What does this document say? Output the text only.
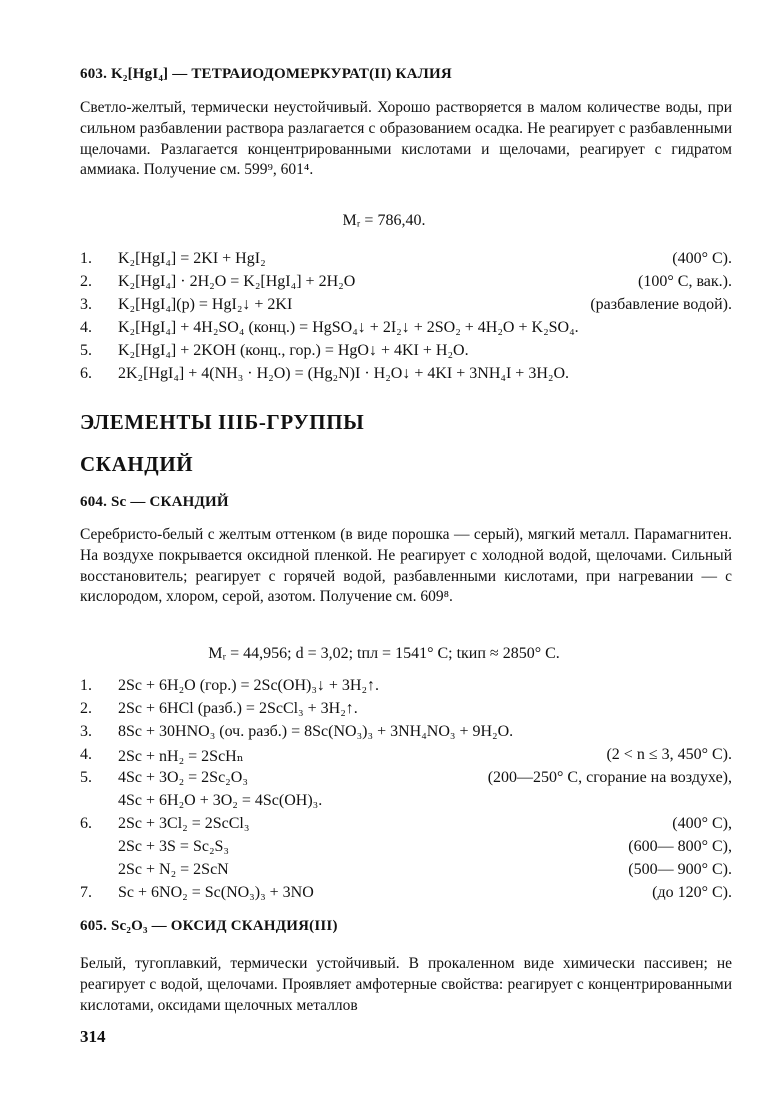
603. K₂[HgI₄] — ТЕТРАИОДОМЕРКУРАТ(II) КАЛИЯ
Светло-желтый, термически неустойчивый. Хорошо растворяется в малом количестве воды, при сильном разбавлении раствора разлагается с образованием осадка. Не реагирует с разбавленными щелочами. Разлагается концентрированными кислотами и щелочами, реагирует с гидратом аммиака. Получение см. 599⁹, 601⁴.
Mᵣ = 786,40.
1. K₂[HgI₄] = 2KI + HgI₂	(400° C).
2. K₂[HgI₄] · 2H₂O = K₂[HgI₄] + 2H₂O	(100° C, вак.).
3. K₂[HgI₄](р) = HgI₂↓ + 2KI	(разбавление водой).
4. K₂[HgI₄] + 4H₂SO₄ (конц.) = HgSO₄↓ + 2I₂↓ + 2SO₂ + 4H₂O + K₂SO₄.
5. K₂[HgI₄] + 2KOH (конц., гор.) = HgO↓ + 4KI + H₂O.
6. 2K₂[HgI₄] + 4(NH₃ · H₂O) = (Hg₂N)I · H₂O↓ + 4KI + 3NH₄I + 3H₂O.
ЭЛЕМЕНТЫ IIIБ-ГРУППЫ
СКАНДИЙ
604. Sc — СКАНДИЙ
Серебристо-белый с желтым оттенком (в виде порошка — серый), мягкий металл. Парамагнитен. На воздухе покрывается оксидной пленкой. Не реагирует с холодной водой, щелочами. Сильный восстановитель; реагирует с горячей водой, разбавленными кислотами, при нагревании — с кислородом, хлором, серой, азотом. Получение см. 609⁸.
Mᵣ = 44,956; d = 3,02; tпл = 1541° C; tкип ≈ 2850° C.
1. 2Sc + 6H₂O (гор.) = 2Sc(OH)₃↓ + 3H₂↑.
2. 2Sc + 6HCl (разб.) = 2ScCl₃ + 3H₂↑.
3. 8Sc + 30HNO₃ (оч. разб.) = 8Sc(NO₃)₃ + 3NH₄NO₃ + 9H₂O.
4. 2Sc + nH₂ = 2ScHₙ	(2 < n ≤ 3, 450° C).
5. 4Sc + 3O₂ = 2Sc₂O₃	(200—250° C, сгорание на воздухе),
4Sc + 6H₂O + 3O₂ = 4Sc(OH)₃.
6. 2Sc + 3Cl₂ = 2ScCl₃	(400° C),
2Sc + 3S = Sc₂S₃	(600— 800° C),
2Sc + N₂ = 2ScN	(500— 900° C).
7. Sc + 6NO₂ = Sc(NO₃)₃ + 3NO	(до 120° C).
605. Sc₂O₃ — ОКСИД СКАНДИЯ(III)
Белый, тугоплавкий, термически устойчивый. В прокаленном виде химически пассивен; не реагирует с водой, щелочами. Проявляет амфотерные свойства: реагирует с концентрированными кислотами, оксидами щелочных металлов
314
